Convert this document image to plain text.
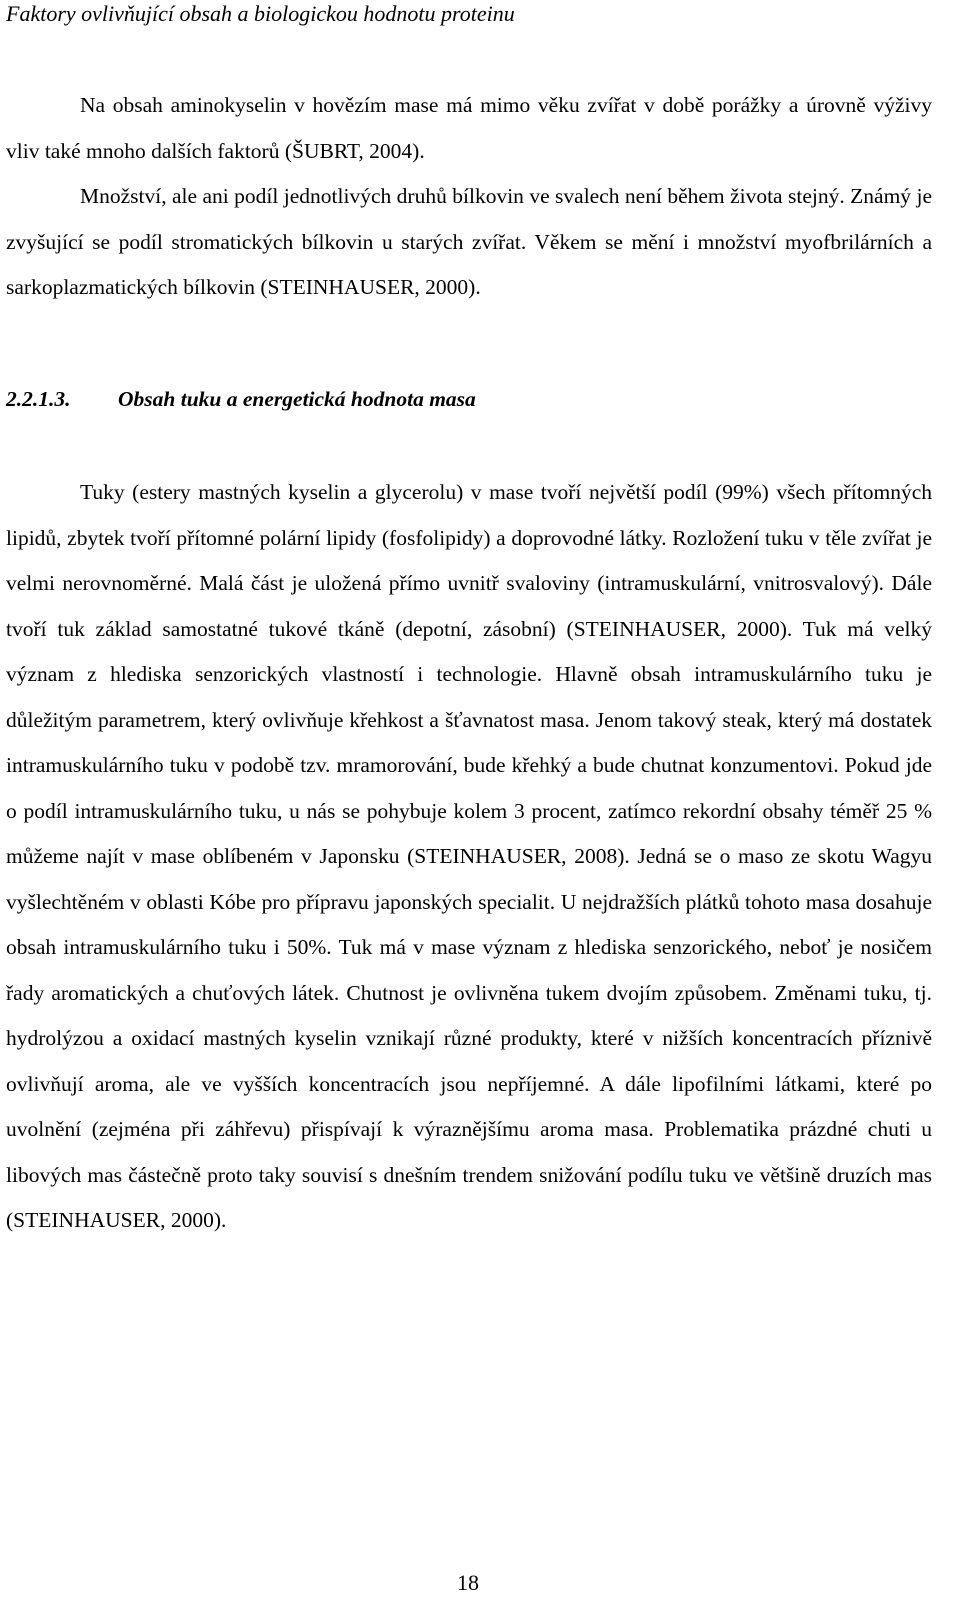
Faktory ovlivňující obsah a biologickou hodnotu proteinu

Na obsah aminokyselin v hovězím mase má mimo věku zvířat v době porážky a úrovně výživy vliv také mnoho dalších faktorů (ŠUBRT, 2004).

Množství, ale ani podíl jednotlivých druhů bílkovin ve svalech není během života stejný. Známý je zvyšující se podíl stromatických bílkovin u starých zvířat. Věkem se mění i množství myofbrilárních a sarkoplazmatických bílkovin (STEINHAUSER, 2000).

2.2.1.3. Obsah tuku a energetická hodnota masa

Tuky (estery mastných kyselin a glycerolu) v mase tvoří největší podíl (99%) všech přítomných lipidů, zbytek tvoří přítomné polární lipidy (fosfolipidy) a doprovodné látky. Rozložení tuku v těle zvířat je velmi nerovnoměrné. Malá část je uložená přímo uvnitř svaloviny (intramuskulární, vnitrosvalový). Dále tvoří tuk základ samostatné tukové tkáně (depotní, zásobní) (STEINHAUSER, 2000). Tuk má velký význam z hlediska senzorických vlastností i technologie. Hlavně obsah intramuskulárního tuku je důležitým parametrem, který ovlivňuje křehkost a šťavnatost masa. Jenom takový steak, který má dostatek intramuskulárního tuku v podobě tzv. mramorování, bude křehký a bude chutnat konzumentovi. Pokud jde o podíl intramuskulárního tuku, u nás se pohybuje kolem 3 procent, zatímco rekordní obsahy téměř 25 % můžeme najít v mase oblíbeném v Japonsku (STEINHAUSER, 2008). Jedná se o maso ze skotu Wagyu vyšlechtěném v oblasti Kóbe pro přípravu japonských specialit. U nejdražších plátků tohoto masa dosahuje obsah intramuskulárního tuku i 50%. Tuk má v mase význam z hlediska senzorického, neboť je nosičem řady aromatických a chuťových látek. Chutnost je ovlivněna tukem dvojím způsobem. Změnami tuku, tj. hydrolýzou a oxidací mastných kyselin vznikají různé produkty, které v nižších koncentracích příznivě ovlivňují aroma, ale ve vyšších koncentracích jsou nepříjemné. A dále lipofilními látkami, které po uvolnění (zejména při záhřevu) přispívají k výraznějšímu aroma masa. Problematika prázdné chuti u libových mas částečně proto taky souvisí s dnešním trendem snižování podílu tuku ve většině druzích mas (STEINHAUSER, 2000).

18
